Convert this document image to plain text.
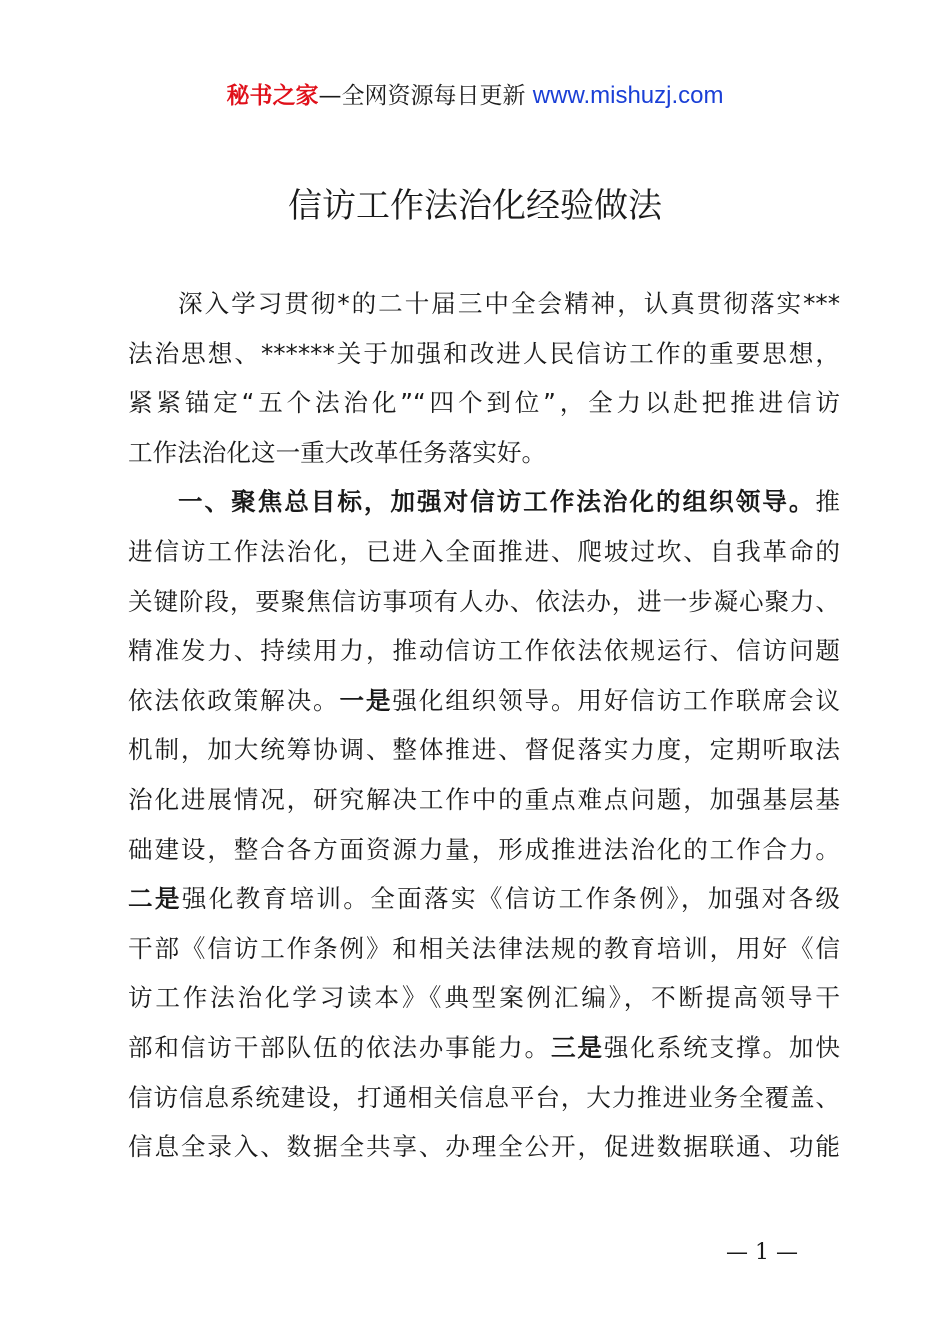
秘书之家—全网资源每日更新 www.mishuzj.com
信访工作法治化经验做法
深入学习贯彻*的二十届三中全会精神，认真贯彻落实***
法治思想、******关于加强和改进人民信访工作的重要思想，
紧紧锚定“五个法治化”“四个到位”，全力以赴把推进信访
工作法治化这一重大改革任务落实好。
一、聚焦总目标，加强对信访工作法治化的组织领导。推
进信访工作法治化，已进入全面推进、爬坡过坎、自我革命的
关键阶段，要聚焦信访事项有人办、依法办，进一步凝心聚力、
精准发力、持续用力，推动信访工作依法依规运行、信访问题
依法依政策解决。一是强化组织领导。用好信访工作联席会议
机制，加大统筹协调、整体推进、督促落实力度，定期听取法
治化进展情况，研究解决工作中的重点难点问题，加强基层基
础建设，整合各方面资源力量，形成推进法治化的工作合力。
二是强化教育培训。全面落实《信访工作条例》，加强对各级
干部《信访工作条例》和相关法律法规的教育培训，用好《信
访工作法治化学习读本》《典型案例汇编》，不断提高领导干
部和信访干部队伍的依法办事能力。三是强化系统支撑。加快
信访信息系统建设，打通相关信息平台，大力推进业务全覆盖、
信息全录入、数据全共享、办理全公开，促进数据联通、功能
— 1 —
